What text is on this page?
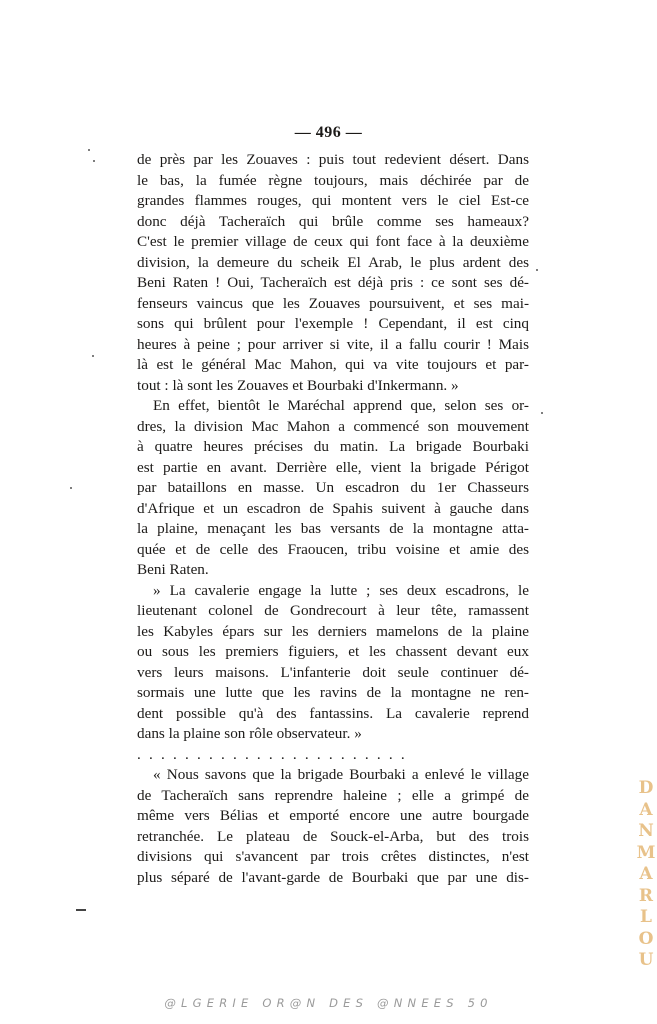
— 496 —
de près par les Zouaves : puis tout redevient désert. Dans
le bas, la fumée règne toujours, mais déchirée par de
grandes flammes rouges, qui montent vers le ciel Est-ce
donc déjà Tacheraïch qui brûle comme ses hameaux?
C'est le premier village de ceux qui font face à la deuxième
division, la demeure du scheik El Arab, le plus ardent des
Beni Raten ! Oui, Tacheraïch est déjà pris : ce sont ses dé-
fenseurs vaincus que les Zouaves poursuivent, et ses mai-
sons qui brûlent pour l'exemple ! Cependant, il est cinq
heures à peine ; pour arriver si vite, il a fallu courir ! Mais
là est le général Mac Mahon, qui va vite toujours et par-
tout : là sont les Zouaves et Bourbaki d'Inkermann. »
En effet, bientôt le Maréchal apprend que, selon ses or-
dres, la division Mac Mahon a commencé son mouvement
à quatre heures précises du matin. La brigade Bourbaki
est partie en avant. Derrière elle, vient la brigade Périgot
par bataillons en masse. Un escadron du 1er Chasseurs
d'Afrique et un escadron de Spahis suivent à gauche dans
la plaine, menaçant les bas versants de la montagne atta-
quée et de celle des Fraoucen, tribu voisine et amie des
Beni Raten.
» La cavalerie engage la lutte ; ses deux escadrons, le
lieutenant colonel de Gondrecourt à leur tête, ramassent
les Kabyles épars sur les derniers mamelons de la plaine
ou sous les premiers figuiers, et les chassent devant eux
vers leurs maisons. L'infanterie doit seule continuer dé-
sormais une lutte que les ravins de la montagne ne ren-
dent possible qu'à des fantassins. La cavalerie reprend
dans la plaine son rôle observateur. »
. . . . . . . . . . . . . . . . . . . . . . .
« Nous savons que la brigade Bourbaki a enlevé le village
de Tacheraïch sans reprendre haleine ; elle a grimpé de
même vers Bélias et emporté encore une autre bourgade
retranchée. Le plateau de Souck-el-Arba, but des trois
divisions qui s'avancent par trois crêtes distinctes, n'est
plus séparé de l'avant-garde de Bourbaki que par une dis-
DANMARLOU
@LGERIE OR@N DES @NNEES 50
